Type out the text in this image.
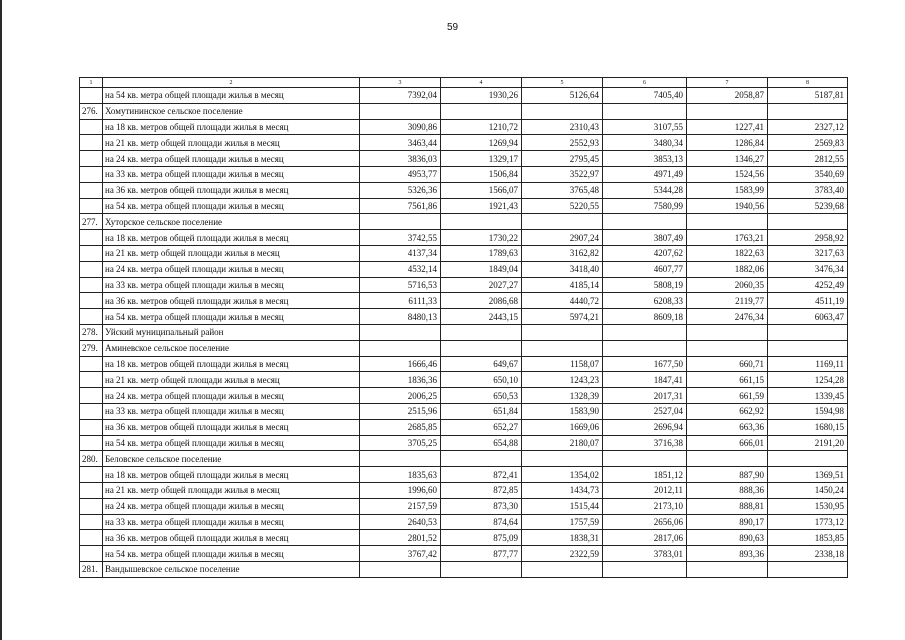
59
1	2	3	4	5	6	7	8
	на 54 кв. метра общей площади жилья в месяц	7392,04	1930,26	5126,64	7405,40	2058,87	5187,81
276.	Хомутининское сельское поселение						
	на 18 кв. метров общей площади жилья в месяц	3090,86	1210,72	2310,43	3107,55	1227,41	2327,12
	на 21 кв. метр общей площади жилья в месяц	3463,44	1269,94	2552,93	3480,34	1286,84	2569,83
	на 24 кв. метра общей площади жилья в месяц	3836,03	1329,17	2795,45	3853,13	1346,27	2812,55
	на 33 кв. метра общей площади жилья в месяц	4953,77	1506,84	3522,97	4971,49	1524,56	3540,69
	на 36 кв. метров общей площади жилья в месяц	5326,36	1566,07	3765,48	5344,28	1583,99	3783,40
	на 54 кв. метра общей площади жилья в месяц	7561,86	1921,43	5220,55	7580,99	1940,56	5239,68
277.	Хуторское сельское поселение						
	на 18 кв. метров общей площади жилья в месяц	3742,55	1730,22	2907,24	3807,49	1763,21	2958,92
	на 21 кв. метр общей площади жилья в месяц	4137,34	1789,63	3162,82	4207,62	1822,63	3217,63
	на 24 кв. метра общей площади жилья в месяц	4532,14	1849,04	3418,40	4607,77	1882,06	3476,34
	на 33 кв. метра общей площади жилья в месяц	5716,53	2027,27	4185,14	5808,19	2060,35	4252,49
	на 36 кв. метров общей площади жилья в месяц	6111,33	2086,68	4440,72	6208,33	2119,77	4511,19
	на 54 кв. метра общей площади жилья в месяц	8480,13	2443,15	5974,21	8609,18	2476,34	6063,47
278.	Уйский муниципальный район						
279.	Аминевское сельское поселение						
	на 18 кв. метров общей площади жилья в месяц	1666,46	649,67	1158,07	1677,50	660,71	1169,11
	на 21 кв. метр общей площади жилья в месяц	1836,36	650,10	1243,23	1847,41	661,15	1254,28
	на 24 кв. метра общей площади жилья в месяц	2006,25	650,53	1328,39	2017,31	661,59	1339,45
	на 33 кв. метра общей площади жилья в месяц	2515,96	651,84	1583,90	2527,04	662,92	1594,98
	на 36 кв. метров общей площади жилья в месяц	2685,85	652,27	1669,06	2696,94	663,36	1680,15
	на 54 кв. метра общей площади жилья в месяц	3705,25	654,88	2180,07	3716,38	666,01	2191,20
280.	Беловское сельское поселение						
	на 18 кв. метров общей площади жилья в месяц	1835,63	872,41	1354,02	1851,12	887,90	1369,51
	на 21 кв. метр общей площади жилья в месяц	1996,60	872,85	1434,73	2012,11	888,36	1450,24
	на 24 кв. метра общей площади жилья в месяц	2157,59	873,30	1515,44	2173,10	888,81	1530,95
	на 33 кв. метра общей площади жилья в месяц	2640,53	874,64	1757,59	2656,06	890,17	1773,12
	на 36 кв. метров общей площади жилья в месяц	2801,52	875,09	1838,31	2817,06	890,63	1853,85
	на 54 кв. метра общей площади жилья в месяц	3767,42	877,77	2322,59	3783,01	893,36	2338,18
281.	Вандышевское сельское поселение						
